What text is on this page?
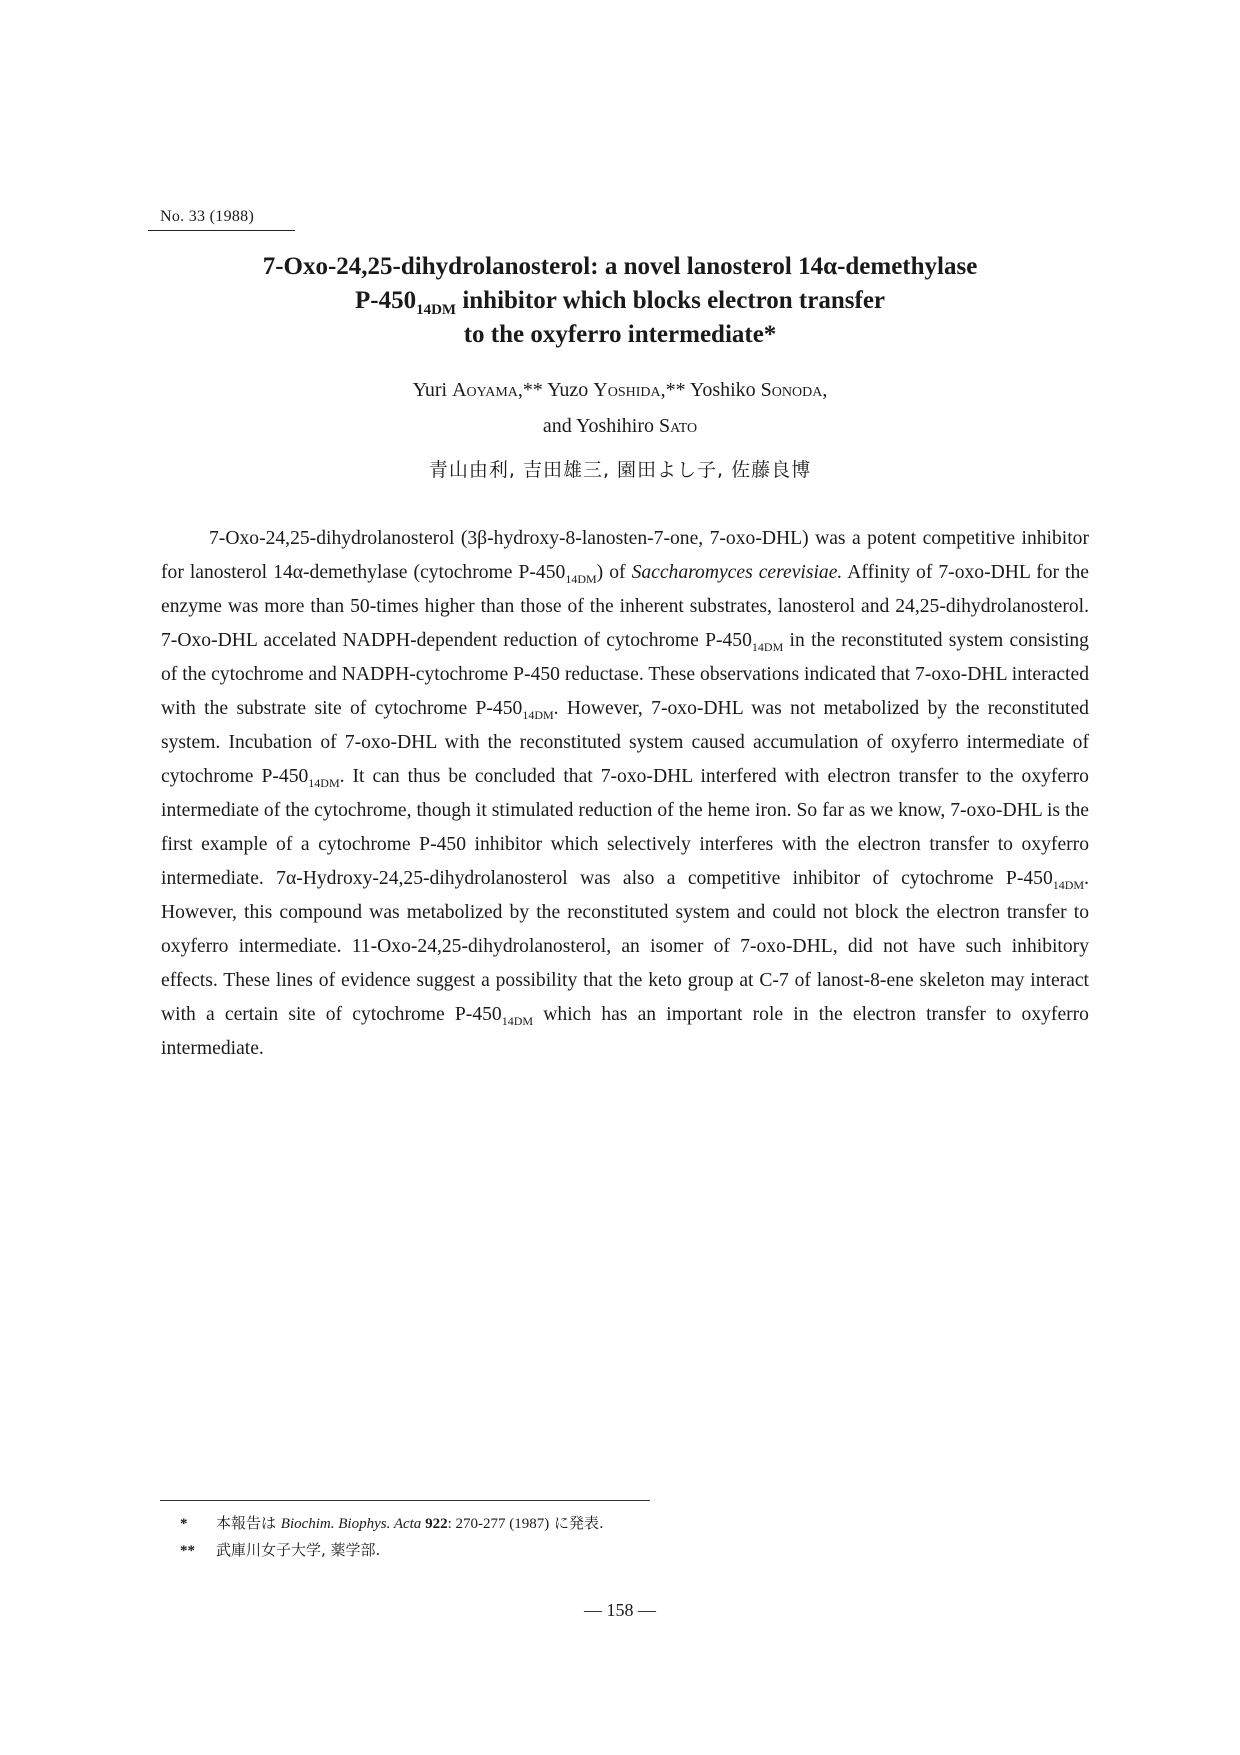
No. 33 (1988)
7-Oxo-24,25-dihydrolanosterol: a novel lanosterol 14α-demethylase
$P-450_{14DM}$ inhibitor which blocks electron transfer
to the oxyferro intermediate*
Yuri Aoyama,** Yuzo Yoshida,** Yoshiko Sonoda,
and Yoshihiro Sato
青山由利, 吉田雄三, 園田よし子, 佐藤良博
7-Oxo-24,25-dihydrolanosterol (3β-hydroxy-8-lanosten-7-one, 7-oxo-DHL) was a potent competitive inhibitor for lanosterol 14α-demethylase (cytochrome $P-450_{14DM}$) of Saccharomyces cerevisiae. Affinity of 7-oxo-DHL for the enzyme was more than 50-times higher than those of the inherent substrates, lanosterol and 24,25-dihydrolanosterol. 7-Oxo-DHL accelated NADPH-dependent reduction of cytochrome $P-450_{14DM}$ in the reconstituted system consisting of the cytochrome and NADPH-cytochrome P-450 reductase. These observations indicated that 7-oxo-DHL interacted with the substrate site of cytochrome $P-450_{14DM}$. However, 7-oxo-DHL was not metabolized by the reconstituted system. Incubation of 7-oxo-DHL with the reconstituted system caused accumulation of oxyferro intermediate of cytochrome $P-450_{14DM}$. It can thus be concluded that 7-oxo-DHL interfered with electron transfer to the oxyferro intermediate of the cytochrome, though it stimulated reduction of the heme iron. So far as we know, 7-oxo-DHL is the first example of a cytochrome P-450 inhibitor which selectively interferes with the electron transfer to oxyferro intermediate. 7α-Hydroxy-24,25-dihydrolanosterol was also a competitive inhibitor of cytochrome $P-450_{14DM}$. However, this compound was metabolized by the reconstituted system and could not block the electron transfer to oxyferro intermediate. 11-Oxo-24,25-dihydrolanosterol, an isomer of 7-oxo-DHL, did not have such inhibitory effects. These lines of evidence suggest a possibility that the keto group at C-7 of lanost-8-ene skeleton may interact with a certain site of cytochrome $P-450_{14DM}$ which has an important role in the electron transfer to oxyferro intermediate.
* 本報告は Biochim. Biophys. Acta 922: 270-277 (1987) に発表.
** 武庫川女子大学, 薬学部.
— 158 —
